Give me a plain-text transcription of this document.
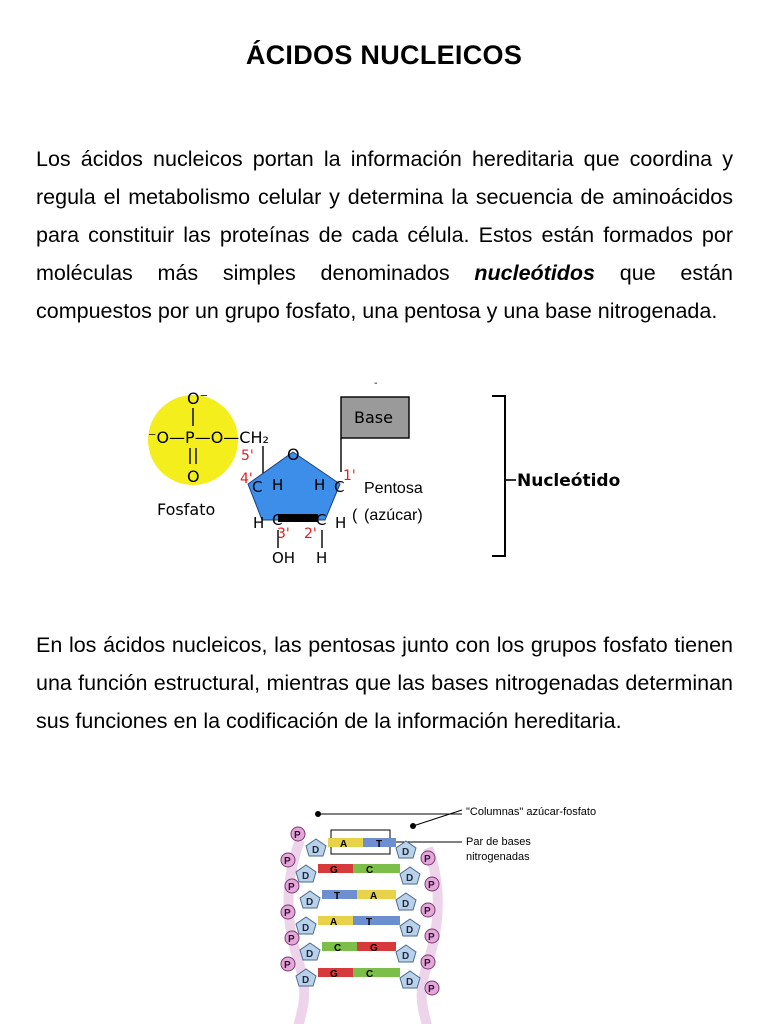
ÁCIDOS NUCLEICOS
Los ácidos nucleicos portan la información hereditaria que coordina y regula el metabolismo celular y determina la secuencia de aminoácidos para constituir las proteínas de cada célula. Estos están formados por moléculas más simples denominados nucleótidos que están compuestos por un grupo fosfato, una pentosa y una base nitrogenada.
O⁻
⁻O—P—O—CH₂
O
5' O
4' C H H C
1'
H C C H
3' 2'
OH H
-
Base
Fosfato
Pentosa
( (azúcar)
Nucleótido
En los ácidos nucleicos, las pentosas junto con los grupos fosfato tienen una función estructural, mientras que las bases nitrogenadas determinan sus funciones en la codificación de la información hereditaria.
"Columnas" azúcar-fosfato
Par de bases
nitrogenadas
P
D
P
D
A	T
P
D
P
D
G	C
P
D
P
D
T	A
P
D
P
D
A	T
P
D
P
D
C	G
P
D
P
D
G	C
